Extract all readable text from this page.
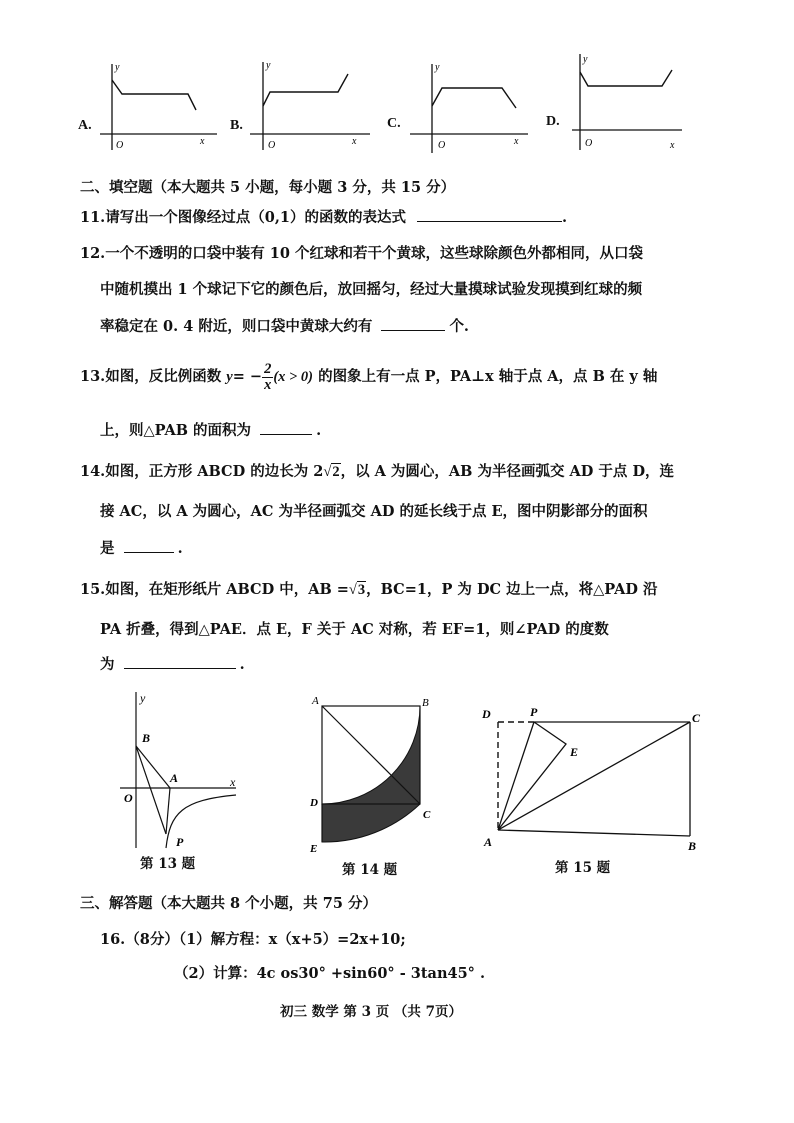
A.
y
O	x
B.
y
O	x
C.
y
O	x
D.
y
O	x
二、填空题（本大题共 5 小题，每小题 3 分，共 15 分）
11.请写出一个图像经过点（0,1）的函数的表达式	.
12.一个不透明的口袋中装有 10 个红球和若干个黄球，这些球除颜色外都相同，从口袋
中随机摸出 1 个球记下它的颜色后，放回摇匀，经过大量摸球试验发现摸到红球的频
率稳定在 0. 4 附近，则口袋中黄球大约有	个.
13.如图，反比例函数 $y= - \frac{2}{x} (x > 0)$ 的图象上有一点 P，PA⊥x 轴于点 A，点 B 在 y 轴
上，则△PAB 的面积为	.
14.如图，正方形 ABCD 的边长为 2√2，以 A 为圆心，AB 为半径画弧交 AD 于点 D，连
接 AC，以 A 为圆心，AC 为半径画弧交 AD 的延长线于点 E，图中阴影部分的面积
是	.
15.如图，在矩形纸片 ABCD 中，AB =√3，BC=1，P 为 DC 边上一点，将△PAD 沿
PA 折叠，得到△PAE．点 E，F 关于 AC 对称，若 EF=1，则∠PAD 的度数
为	.
y
x
O
B
A
P
第 13 题
A	B
C
D
E
第 14 题
D	P	C
E
A	B
第 15 题
三、解答题（本大题共 8 个小题，共 75 分）
16.（8分）（1）解方程：x（x+5）=2x+10;
（2）计算：4c os30° +sin60° - 3tan45° .
初三 数学 第 3 页 （共 7页）
